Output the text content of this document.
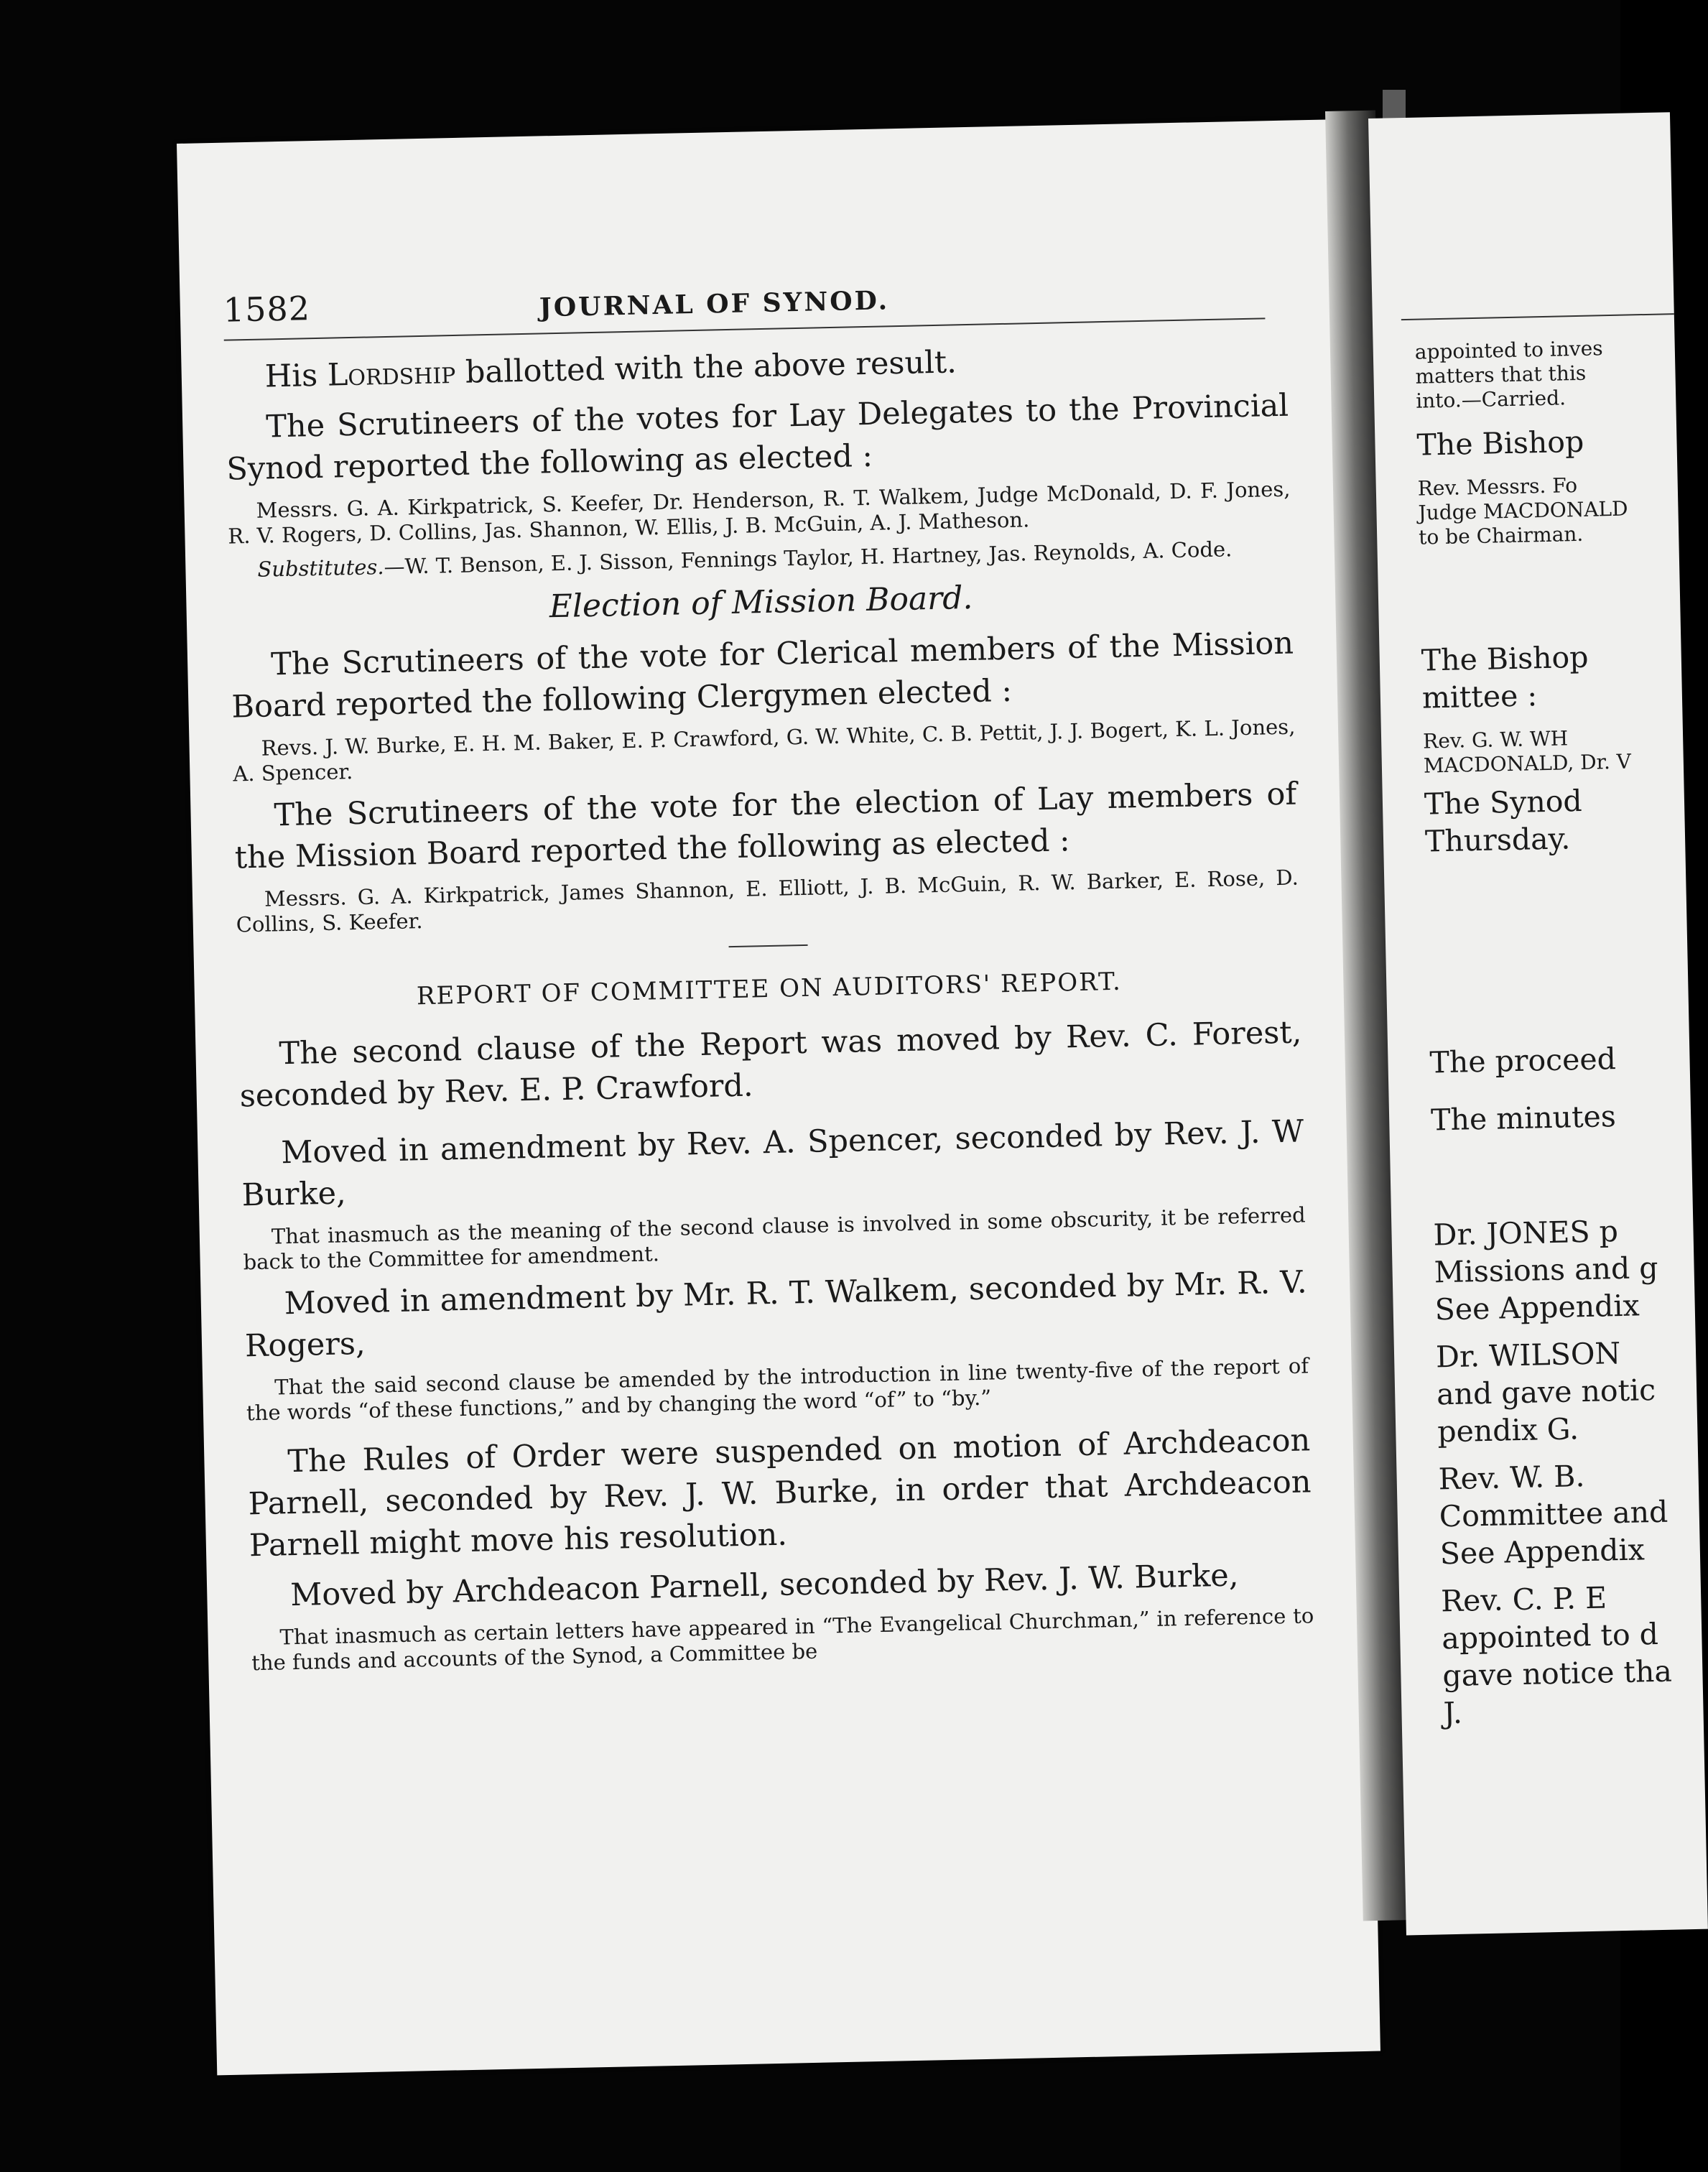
1582	JOURNAL OF SYNOD.

His Lordship ballotted with the above result.

The Scrutineers of the votes for Lay Delegates to the Provincial Synod reported the following as elected :

Messrs. G. A. Kirkpatrick, S. Keefer, Dr. Henderson, R. T. Walkem, Judge McDonald, D. F. Jones, R. V. Rogers, D. Collins, Jas. Shannon, W. Ellis, J. B. McGuin, A. J. Matheson.

Substitutes.—W. T. Benson, E. J. Sisson, Fennings Taylor, H. Hartney, Jas. Reynolds, A. Code.

Election of Mission Board.

The Scrutineers of the vote for Clerical members of the Mission Board reported the following Clergymen elected :

Revs. J. W. Burke, E. H. M. Baker, E. P. Crawford, G. W. White, C. B. Pettit, J. J. Bogert, K. L. Jones, A. Spencer.

The Scrutineers of the vote for the election of Lay members of the Mission Board reported the following as elected :

Messrs. G. A. Kirkpatrick, James Shannon, E. Elliott, J. B. McGuin, R. W. Barker, E. Rose, D. Collins, S. Keefer.

REPORT OF COMMITTEE ON AUDITORS' REPORT.

The second clause of the Report was moved by Rev. C. Forest, seconded by Rev. E. P. Crawford.

Moved in amendment by Rev. A. Spencer, seconded by Rev. J. W Burke,

That inasmuch as the meaning of the second clause is involved in some obscurity, it be referred back to the Committee for amendment.

Moved in amendment by Mr. R. T. Walkem, seconded by Mr. R. V. Rogers,

That the said second clause be amended by the introduction in line twenty-five of the report of the words “of these functions,” and by changing the word “of” to “by.”

The Rules of Order were suspended on motion of Archdeacon Parnell, seconded by Rev. J. W. Burke, in order that Archdeacon Parnell might move his resolution.

Moved by Archdeacon Parnell, seconded by Rev. J. W. Burke,

That inasmuch as certain letters have appeared in “The Evangelical Churchman,” in reference to the funds and accounts of the Synod, a Committee be

appointed to inves
matters that this
into.—Carried.
The Bishop
Rev. Messrs. Fo
Judge MACDONALD
to be Chairman.
The Bishop
mittee :
Rev. G. W. WH
MACDONALD, Dr. V
The Synod
Thursday.
The proceed
The minutes
Dr. JONES p
Missions and g
See Appendix
Dr. WILSON
and gave notic
pendix G.
Rev. W. B.
Committee and
See Appendix
Rev. C. P. E
appointed to d
gave notice tha
J.
